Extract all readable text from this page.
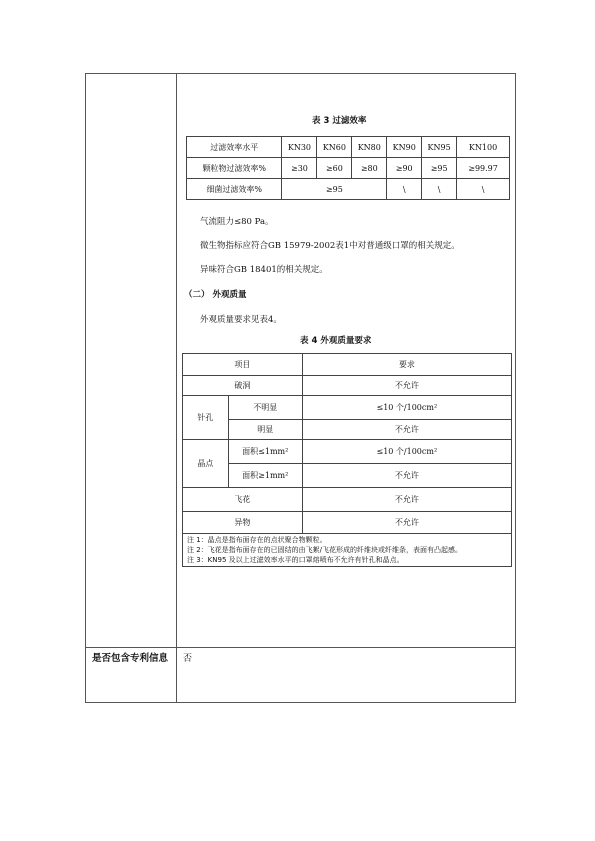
表 3 过滤效率
过滤效率水平	KN30	KN60	KN80	KN90	KN95	KN100
颗粒物过滤效率%	≥30	≥60	≥80	≥90	≥95	≥99.97
细菌过滤效率%	≥95			\	\	\
气流阻力≤80 Pa。
微生物指标应符合GB 15979-2002表1中对普通级口罩的相关规定。
异味符合GB 18401的相关规定。
（二） 外观质量
外观质量要求见表4。
表 4 外观质量要求
项目		要求
破洞		不允许
针孔	不明显	≤10 个/100cm²
	明显	不允许
晶点	面积≤1mm²	≤10 个/100cm²
	面积≥1mm²	不允许
飞花		不允许
异物		不允许

注 1：晶点是指布面存在的点状聚合物颗粒。
注 2：飞花是指布面存在的已固结的由飞絮/飞花形成的纤维块或纤维条，表面有凸起感。
注 3：KN95 及以上过滤效率水平的口罩熔喷布不允许有针孔和晶点。		
是否包含专利信息	否
